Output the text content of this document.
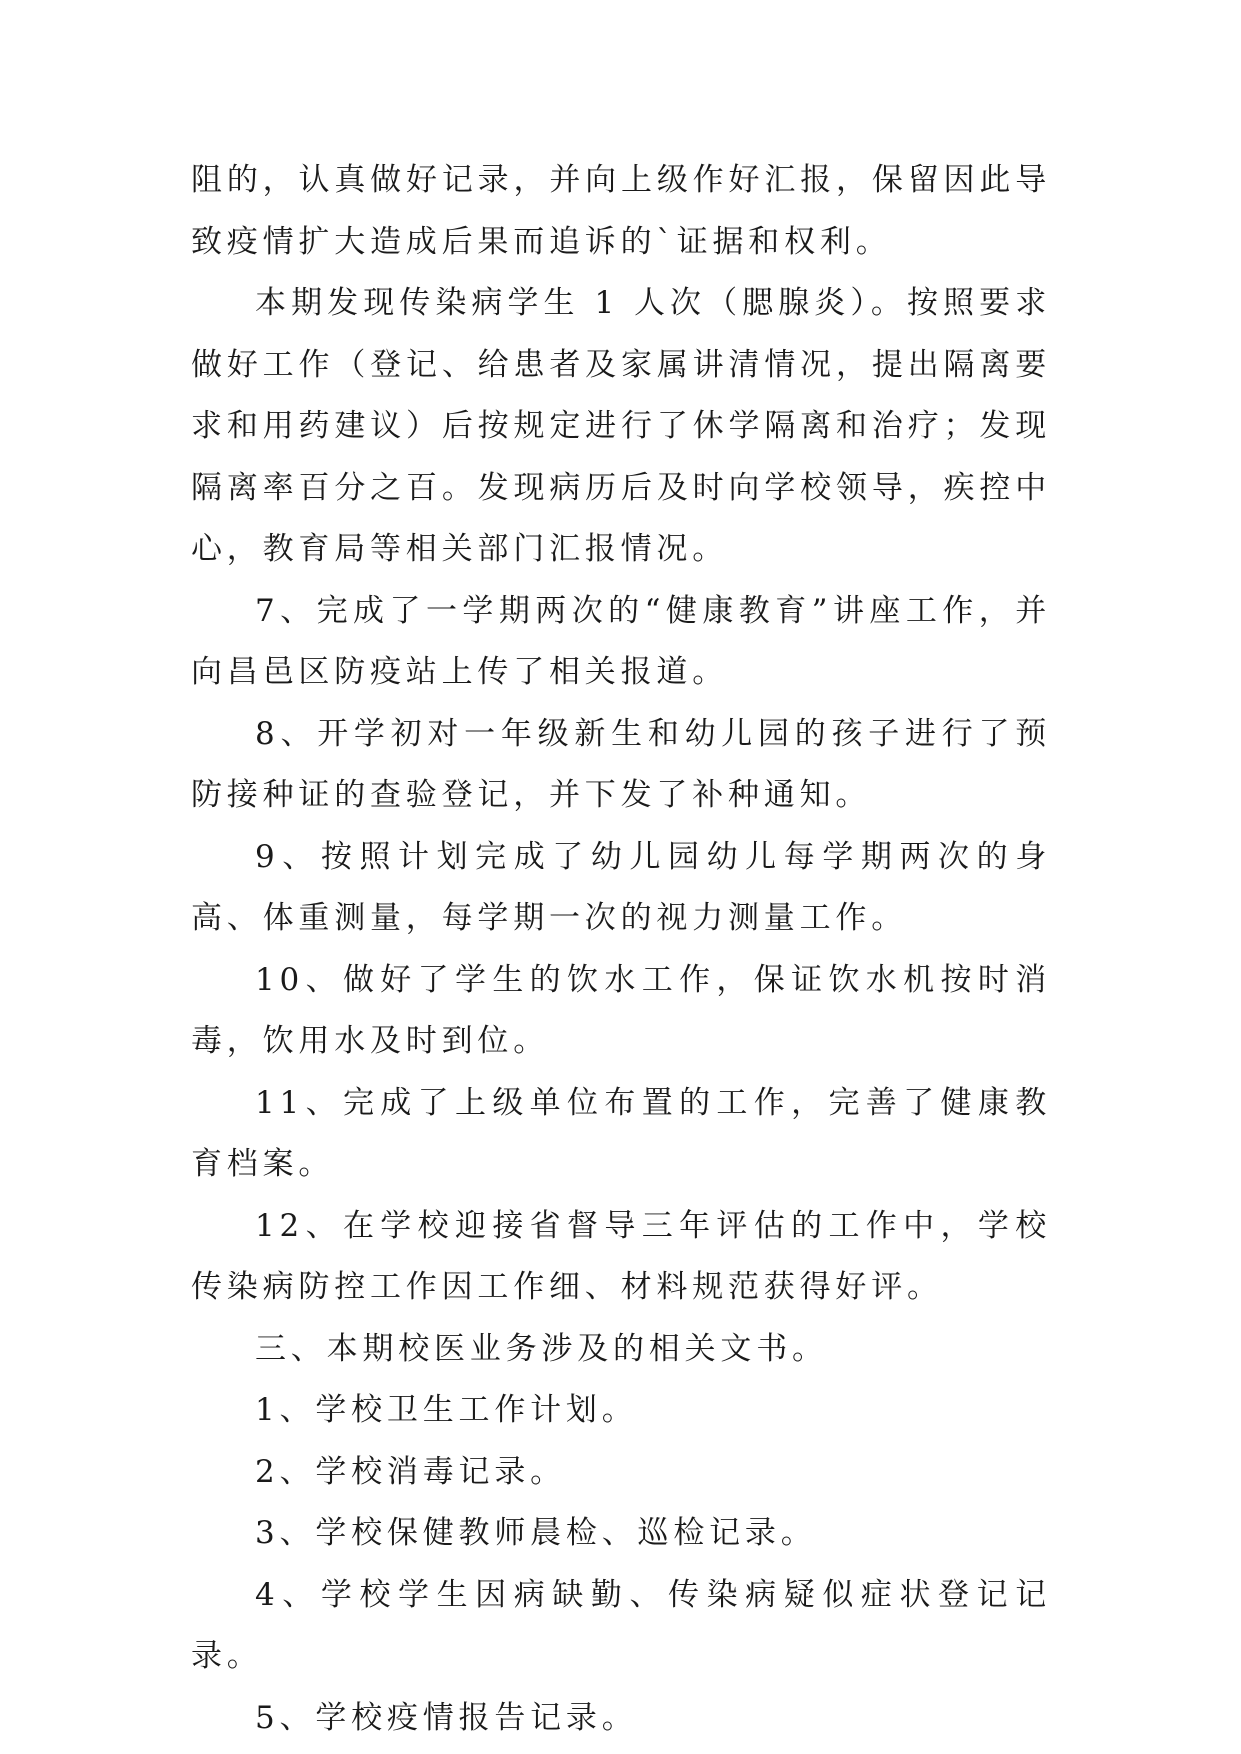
阻的，认真做好记录，并向上级作好汇报，保留因此导致疫情扩大造成后果而追诉的`证据和权利。

本期发现传染病学生 1 人次（腮腺炎）。按照要求做好工作（登记、给患者及家属讲清情况，提出隔离要求和用药建议）后按规定进行了休学隔离和治疗；发现隔离率百分之百。发现病历后及时向学校领导，疾控中心，教育局等相关部门汇报情况。

7、完成了一学期两次的“健康教育”讲座工作，并向昌邑区防疫站上传了相关报道。

8、开学初对一年级新生和幼儿园的孩子进行了预防接种证的查验登记，并下发了补种通知。

9、按照计划完成了幼儿园幼儿每学期两次的身高、体重测量，每学期一次的视力测量工作。

10、做好了学生的饮水工作，保证饮水机按时消毒，饮用水及时到位。

11、完成了上级单位布置的工作，完善了健康教育档案。

12、在学校迎接省督导三年评估的工作中，学校传染病防控工作因工作细、材料规范获得好评。

三、本期校医业务涉及的相关文书。

1、学校卫生工作计划。

2、学校消毒记录。

3、学校保健教师晨检、巡检记录。

4、学校学生因病缺勤、传染病疑似症状登记记录。

5、学校疫情报告记录。
